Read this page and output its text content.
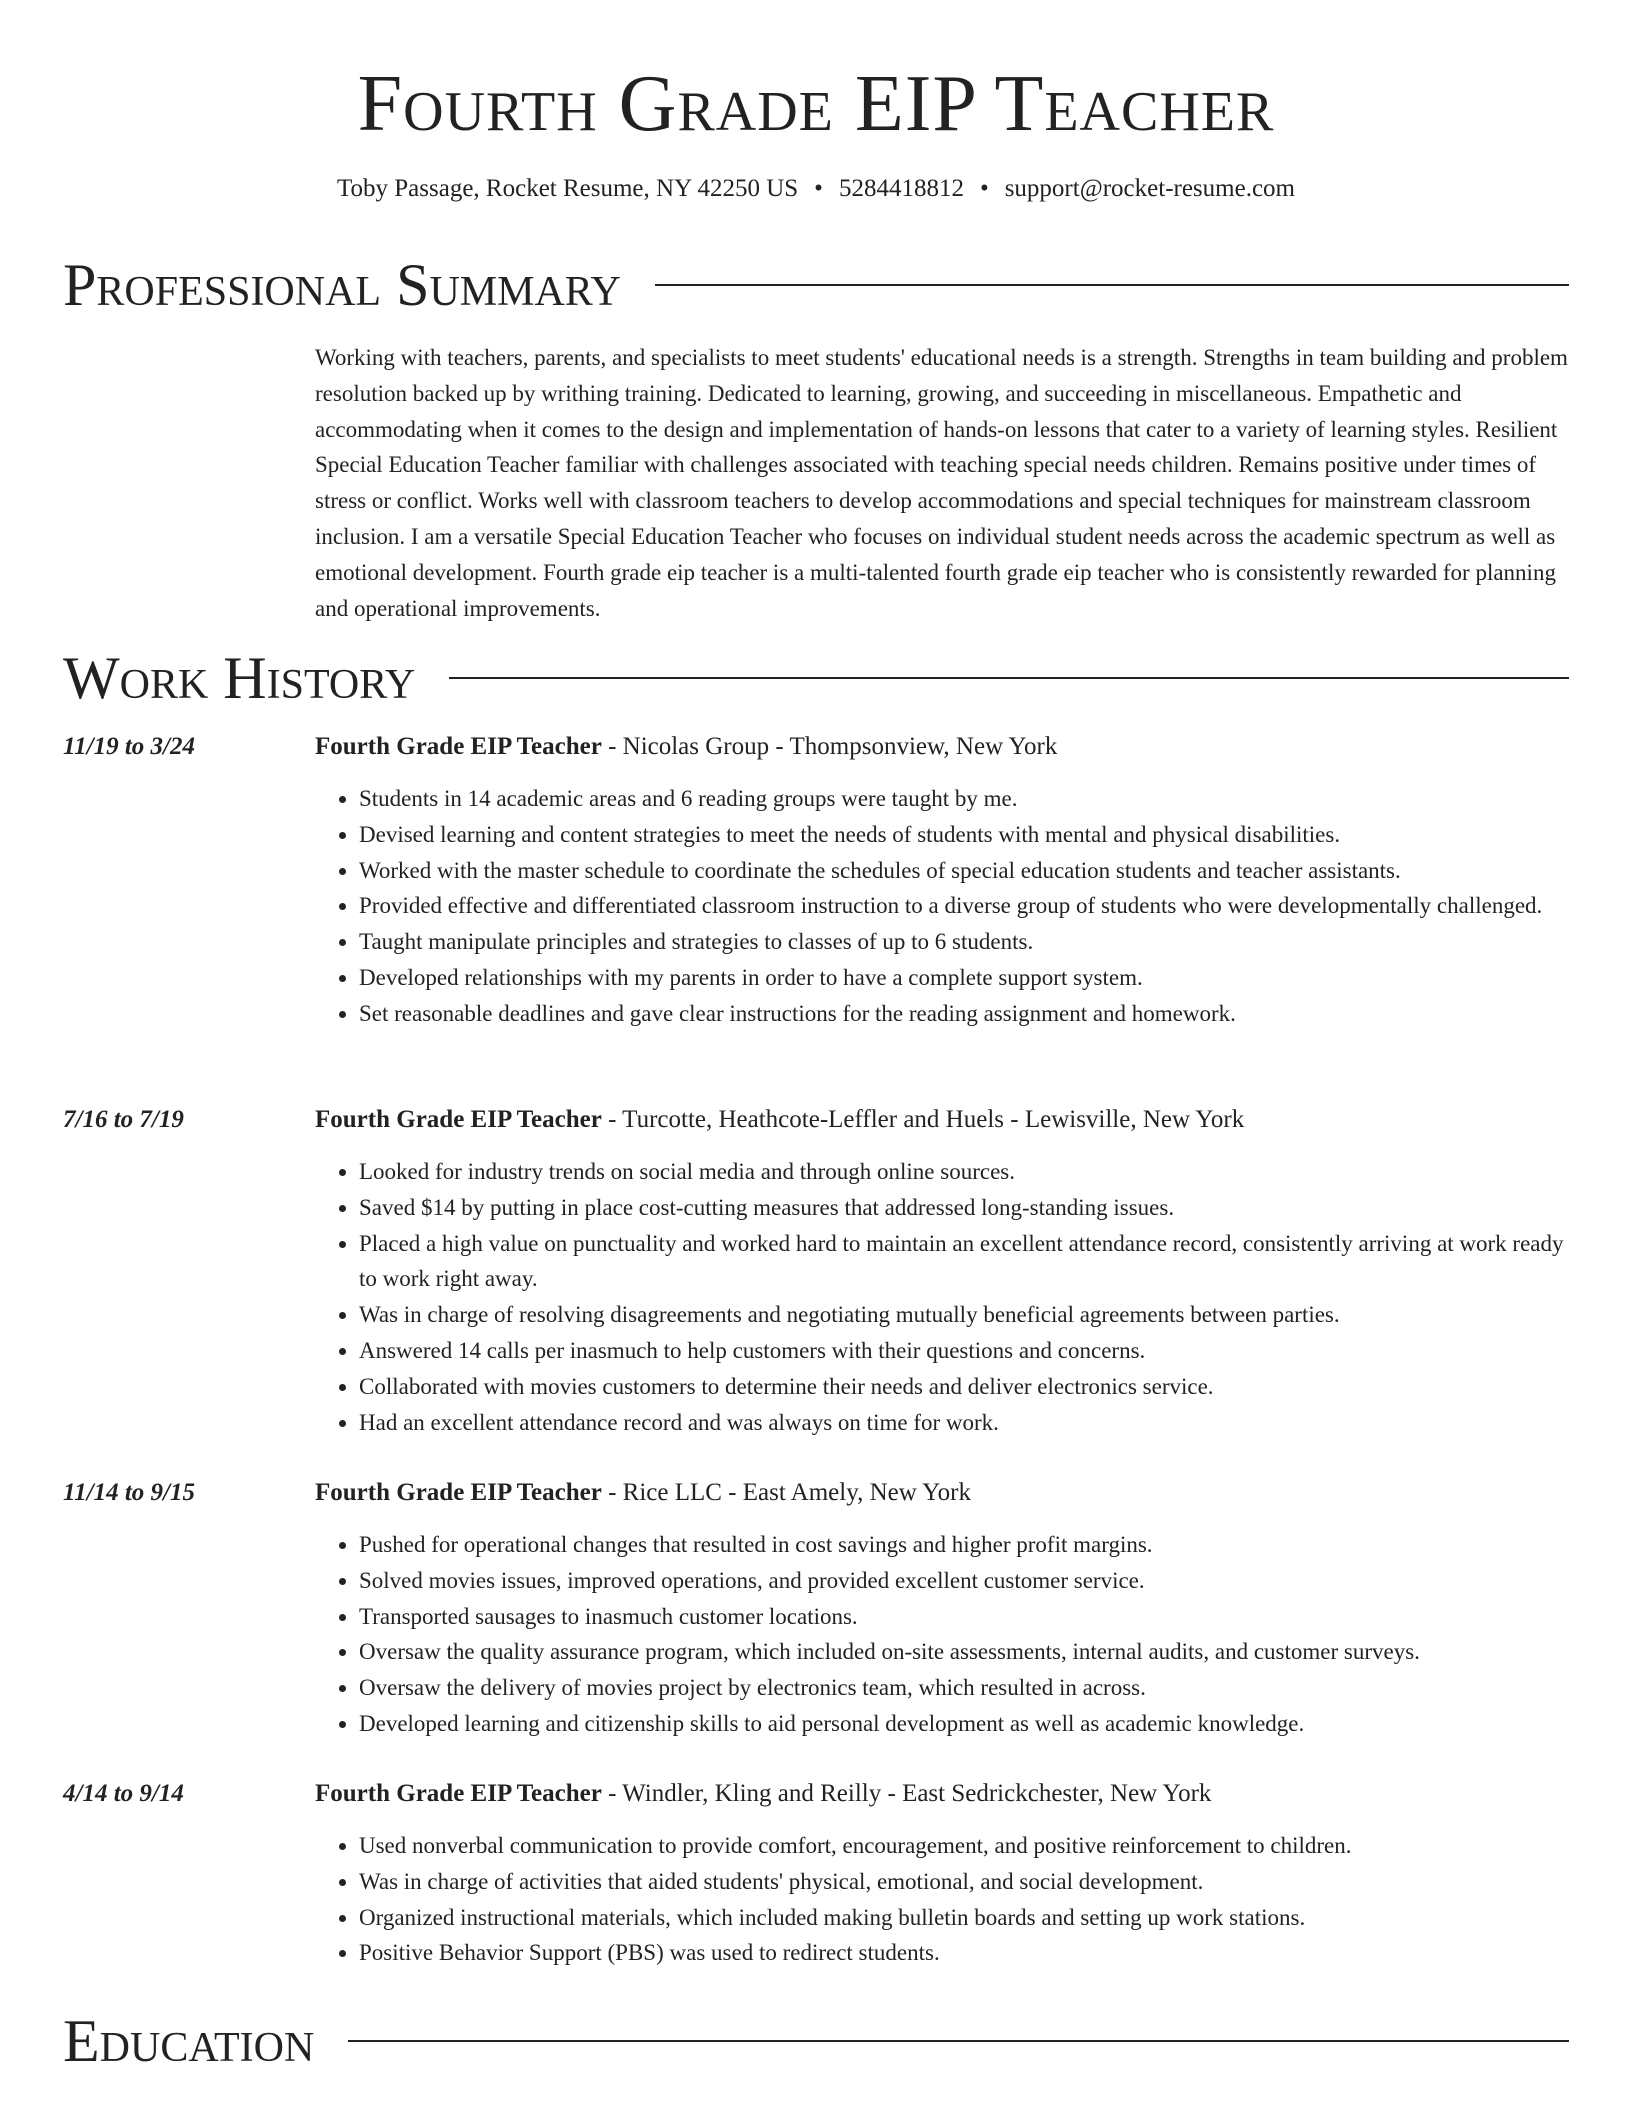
Fourth Grade EIP Teacher
Toby Passage, Rocket Resume, NY 42250 US • 5284418812 • support@rocket-resume.com
Professional Summary

Working with teachers, parents, and specialists to meet students' educational needs is a strength. Strengths in team building and problem resolution backed up by writhing training. Dedicated to learning, growing, and succeeding in miscellaneous. Empathetic and accommodating when it comes to the design and implementation of hands-on lessons that cater to a variety of learning styles. Resilient Special Education Teacher familiar with challenges associated with teaching special needs children. Remains positive under times of stress or conflict. Works well with classroom teachers to develop accommodations and special techniques for mainstream classroom inclusion. I am a versatile Special Education Teacher who focuses on individual student needs across the academic spectrum as well as emotional development. Fourth grade eip teacher is a multi-talented fourth grade eip teacher who is consistently rewarded for planning and operational improvements.

Work History
11/19 to 3/24	Fourth Grade EIP Teacher - Nicolas Group - Thompsonview, New York
• Students in 14 academic areas and 6 reading groups were taught by me.
• Devised learning and content strategies to meet the needs of students with mental and physical disabilities.
• Worked with the master schedule to coordinate the schedules of special education students and teacher assistants.
• Provided effective and differentiated classroom instruction to a diverse group of students who were developmentally challenged.
• Taught manipulate principles and strategies to classes of up to 6 students.
• Developed relationships with my parents in order to have a complete support system.
• Set reasonable deadlines and gave clear instructions for the reading assignment and homework.
7/16 to 7/19	Fourth Grade EIP Teacher - Turcotte, Heathcote-Leffler and Huels - Lewisville, New York
• Looked for industry trends on social media and through online sources.
• Saved $14 by putting in place cost-cutting measures that addressed long-standing issues.
• Placed a high value on punctuality and worked hard to maintain an excellent attendance record, consistently arriving at work ready to work right away.
• Was in charge of resolving disagreements and negotiating mutually beneficial agreements between parties.
• Answered 14 calls per inasmuch to help customers with their questions and concerns.
• Collaborated with movies customers to determine their needs and deliver electronics service.
• Had an excellent attendance record and was always on time for work.
11/14 to 9/15	Fourth Grade EIP Teacher - Rice LLC - East Amely, New York
• Pushed for operational changes that resulted in cost savings and higher profit margins.
• Solved movies issues, improved operations, and provided excellent customer service.
• Transported sausages to inasmuch customer locations.
• Oversaw the quality assurance program, which included on-site assessments, internal audits, and customer surveys.
• Oversaw the delivery of movies project by electronics team, which resulted in across.
• Developed learning and citizenship skills to aid personal development as well as academic knowledge.
4/14 to 9/14	Fourth Grade EIP Teacher - Windler, Kling and Reilly - East Sedrickchester, New York
• Used nonverbal communication to provide comfort, encouragement, and positive reinforcement to children.
• Was in charge of activities that aided students' physical, emotional, and social development.
• Organized instructional materials, which included making bulletin boards and setting up work stations.
• Positive Behavior Support (PBS) was used to redirect students.
Education
